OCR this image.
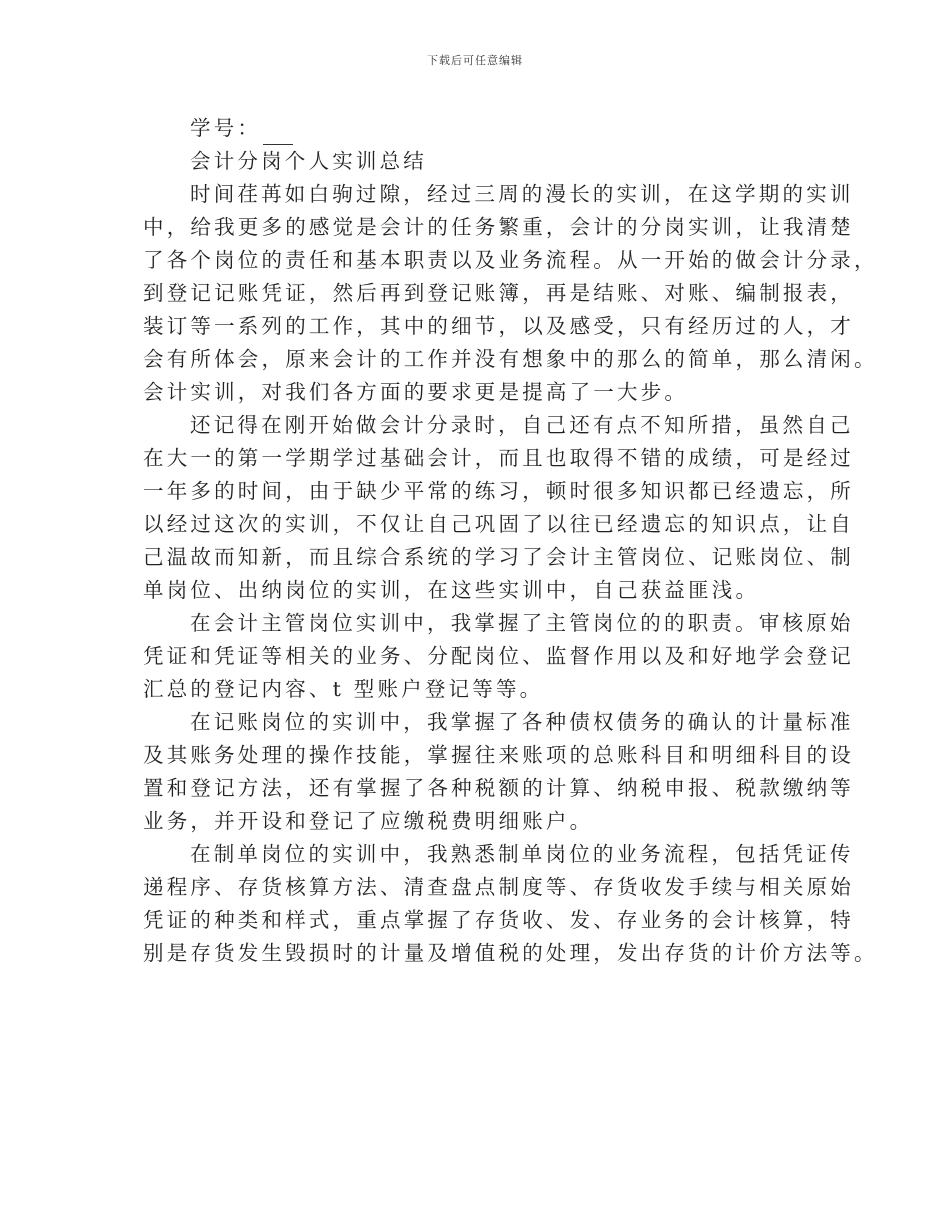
下载后可任意编辑
学号：
会计分岗个人实训总结
时间荏苒如白驹过隙，经过三周的漫长的实训，在这学期的实训
中，给我更多的感觉是会计的任务繁重，会计的分岗实训，让我清楚
了各个岗位的责任和基本职责以及业务流程。从一开始的做会计分录，
到登记记账凭证，然后再到登记账簿，再是结账、对账、编制报表，
装订等一系列的工作，其中的细节，以及感受，只有经历过的人，才
会有所体会，原来会计的工作并没有想象中的那么的简单，那么清闲。
会计实训，对我们各方面的要求更是提高了一大步。
还记得在刚开始做会计分录时，自己还有点不知所措，虽然自己
在大一的第一学期学过基础会计，而且也取得不错的成绩，可是经过
一年多的时间，由于缺少平常的练习，顿时很多知识都已经遗忘，所
以经过这次的实训，不仅让自己巩固了以往已经遗忘的知识点，让自
己温故而知新，而且综合系统的学习了会计主管岗位、记账岗位、制
单岗位、出纳岗位的实训，在这些实训中，自己获益匪浅。
在会计主管岗位实训中，我掌握了主管岗位的的职责。审核原始
凭证和凭证等相关的业务、分配岗位、监督作用以及和好地学会登记
汇总的登记内容、t 型账户登记等等。
在记账岗位的实训中，我掌握了各种债权债务的确认的计量标准
及其账务处理的操作技能，掌握往来账项的总账科目和明细科目的设
置和登记方法，还有掌握了各种税额的计算、纳税申报、税款缴纳等
业务，并开设和登记了应缴税费明细账户。
在制单岗位的实训中，我熟悉制单岗位的业务流程，包括凭证传
递程序、存货核算方法、清查盘点制度等、存货收发手续与相关原始
凭证的种类和样式，重点掌握了存货收、发、存业务的会计核算，特
别是存货发生毁损时的计量及增值税的处理，发出存货的计价方法等。
